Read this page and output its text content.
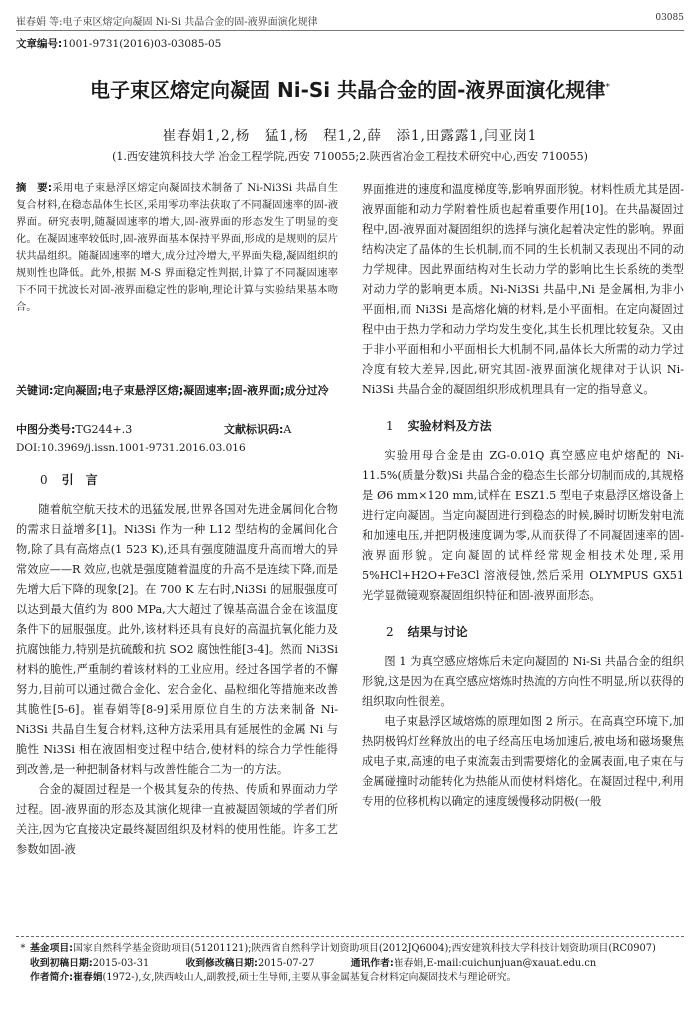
崔春娟 等:电子束区熔定向凝固 Ni-Si 共晶合金的固-液界面演化规律	03085
文章编号:1001-9731(2016)03-03085-05
电子束区熔定向凝固 Ni-Si 共晶合金的固-液界面演化规律*
崔春娟1,2,杨　猛1,杨　程1,2,薛　添1,田露露1,闫亚岗1
(1.西安建筑科技大学 冶金工程学院,西安 710055;2.陕西省冶金工程技术研究中心,西安 710055)
摘　要:采用电子束悬浮区熔定向凝固技术制备了 Ni-Ni3Si 共晶自生复合材料,在稳态晶体生长区,采用零功率法获取了不同凝固速率的固-液界面。研究表明,随凝固速率的增大,固-液界面的形态发生了明显的变化。在凝固速率较低时,固-液界面基本保持平界面,形成的是规则的层片状共晶组织。随凝固速率的增大,成分过冷增大,平界面失稳,凝固组织的规则性也降低。此外,根据 M-S 界面稳定性判据,计算了不同凝固速率下不同干扰波长对固-液界面稳定性的影响,理论计算与实验结果基本吻合。
关键词:定向凝固;电子束悬浮区熔;凝固速率;固-液界面;成分过冷
中图分类号:TG244+.3	文献标识码:A
DOI:10.3969/j.issn.1001-9731.2016.03.016

0 引　言

随着航空航天技术的迅猛发展,世界各国对先进金属间化合物的需求日益增多[1]。Ni3Si 作为一种 L12 型结构的金属间化合物,除了具有高熔点(1 523 K),还具有强度随温度升高而增大的异常效应——R 效应,也就是强度随着温度的升高不是连续下降,而是先增大后下降的现象[2]。在 700 K 左右时,Ni3Si 的屈服强度可以达到最大值约为 800 MPa,大大超过了镍基高温合金在该温度条件下的屈服强度。此外,该材料还具有良好的高温抗氧化能力及抗腐蚀能力,特别是抗硫酸和抗 SO2 腐蚀性能[3-4]。然而 Ni3Si 材料的脆性,严重制约着该材料的工业应用。经过各国学者的不懈努力,目前可以通过微合金化、宏合金化、晶粒细化等措施来改善其脆性[5-6]。崔春娟等[8-9]采用原位自生的方法来制备 Ni-Ni3Si 共晶自生复合材料,这种方法采用具有延展性的金属 Ni 与脆性 Ni3Si 相在液固相变过程中结合,使材料的综合力学性能得到改善,是一种把制备材料与改善性能合二为一的方法。

合金的凝固过程是一个极其复杂的传热、传质和界面动力学过程。固-液界面的形态及其演化规律一直被凝固领域的学者们所关注,因为它直接决定最终凝固组织及材料的使用性能。许多工艺参数如固-液

界面推进的速度和温度梯度等,影响界面形貌。材料性质尤其是固-液界面能和动力学附着性质也起着重要作用[10]。在共晶凝固过程中,固-液界面对凝固组织的选择与演化起着决定性的影响。界面结构决定了晶体的生长机制,而不同的生长机制又表现出不同的动力学规律。因此界面结构对生长动力学的影响比生长系统的类型对动力学的影响更本质。Ni-Ni3Si 共晶中,Ni 是金属相,为非小平面相,而 Ni3Si 是高熔化熵的材料,是小平面相。在定向凝固过程中由于热力学和动力学均发生变化,其生长机理比较复杂。又由于非小平面相和小平面相长大机制不同,晶体长大所需的动力学过冷度有较大差异,因此,研究其固-液界面演化规律对于认识 Ni-Ni3Si 共晶合金的凝固组织形成机理具有一定的指导意义。

1 实验材料及方法

实验用母合金是由 ZG-0.01Q 真空感应电炉熔配的 Ni-11.5%(质量分数)Si 共晶合金的稳态生长部分切制而成的,其规格是 Ø6 mm×120 mm,试样在 ESZ1.5 型电子束悬浮区熔设备上进行定向凝固。当定向凝固进行到稳态的时候,瞬时切断发射电流和加速电压,并把阴极速度调为零,从而获得了不同凝固速率的固-液界面形貌。定向凝固的试样经常规金相技术处理,采用 5%HCl+H2O+Fe3Cl 溶液侵蚀,然后采用 OLYMPUS GX51 光学显微镜观察凝固组织特征和固-液界面形态。

2 结果与讨论

图 1 为真空感应熔炼后未定向凝固的 Ni-Si 共晶合金的组织形貌,这是因为在真空感应熔炼时热流的方向性不明显,所以获得的组织取向性很差。

电子束悬浮区域熔炼的原理如图 2 所示。在高真空环境下,加热阴极钨灯丝释放出的电子经高压电场加速后,被电场和磁场聚焦成电子束,高速的电子束流轰击到需要熔化的金属表面,电子束在与金属碰撞时动能转化为热能从而使材料熔化。在凝固过程中,利用专用的位移机构以确定的速度缓慢移动阴极(一般

* 基金项目:国家自然科学基金资助项目(51201121);陕西省自然科学计划资助项目(2012JQ6004);西安建筑科技大学科技计划资助项目(RC0907)

收到初稿日期:2015-03-31	收到修改稿日期:2015-07-27	通讯作者:崔春娟,E-mail:cuichunjuan@xauat.edu.cn

作者简介:崔春娟(1972-),女,陕西岐山人,副教授,硕士生导师,主要从事金属基复合材料定向凝固技术与理论研究。
